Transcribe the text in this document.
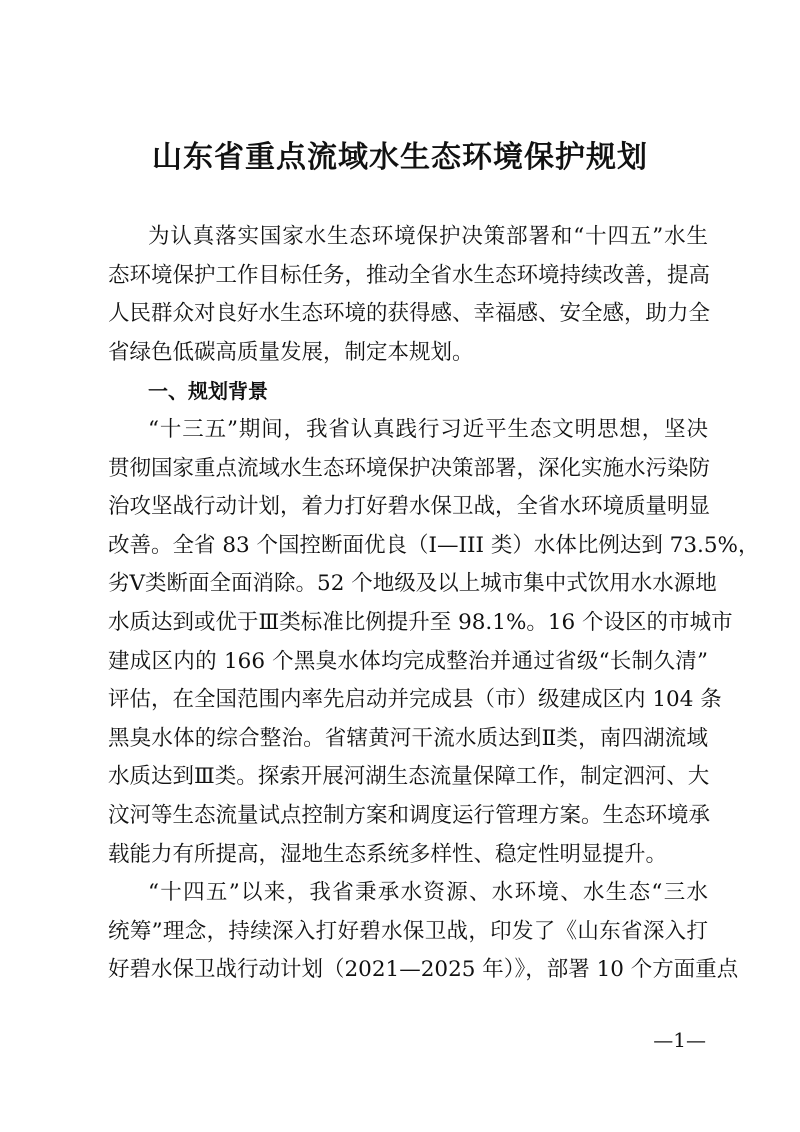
山东省重点流域水生态环境保护规划
为认真落实国家水生态环境保护决策部署和“十四五”水生
态环境保护工作目标任务，推动全省水生态环境持续改善，提高
人民群众对良好水生态环境的获得感、幸福感、安全感，助力全
省绿色低碳高质量发展，制定本规划。
一、规划背景
“十三五”期间，我省认真践行习近平生态文明思想，坚决
贯彻国家重点流域水生态环境保护决策部署，深化实施水污染防
治攻坚战行动计划，着力打好碧水保卫战，全省水环境质量明显
改善。全省 83 个国控断面优良（I—III 类）水体比例达到 73.5%，
劣Ⅴ类断面全面消除。52 个地级及以上城市集中式饮用水水源地
水质达到或优于Ⅲ类标准比例提升至 98.1%。16 个设区的市城市
建成区内的 166 个黑臭水体均完成整治并通过省级“长制久清”
评估，在全国范围内率先启动并完成县（市）级建成区内 104 条
黑臭水体的综合整治。省辖黄河干流水质达到Ⅱ类，南四湖流域
水质达到Ⅲ类。探索开展河湖生态流量保障工作，制定泗河、大
汶河等生态流量试点控制方案和调度运行管理方案。生态环境承
载能力有所提高，湿地生态系统多样性、稳定性明显提升。
“十四五”以来，我省秉承水资源、水环境、水生态“三水
统筹”理念，持续深入打好碧水保卫战，印发了《山东省深入打
好碧水保卫战行动计划（2021—2025 年）》，部署 10 个方面重点
—1—
